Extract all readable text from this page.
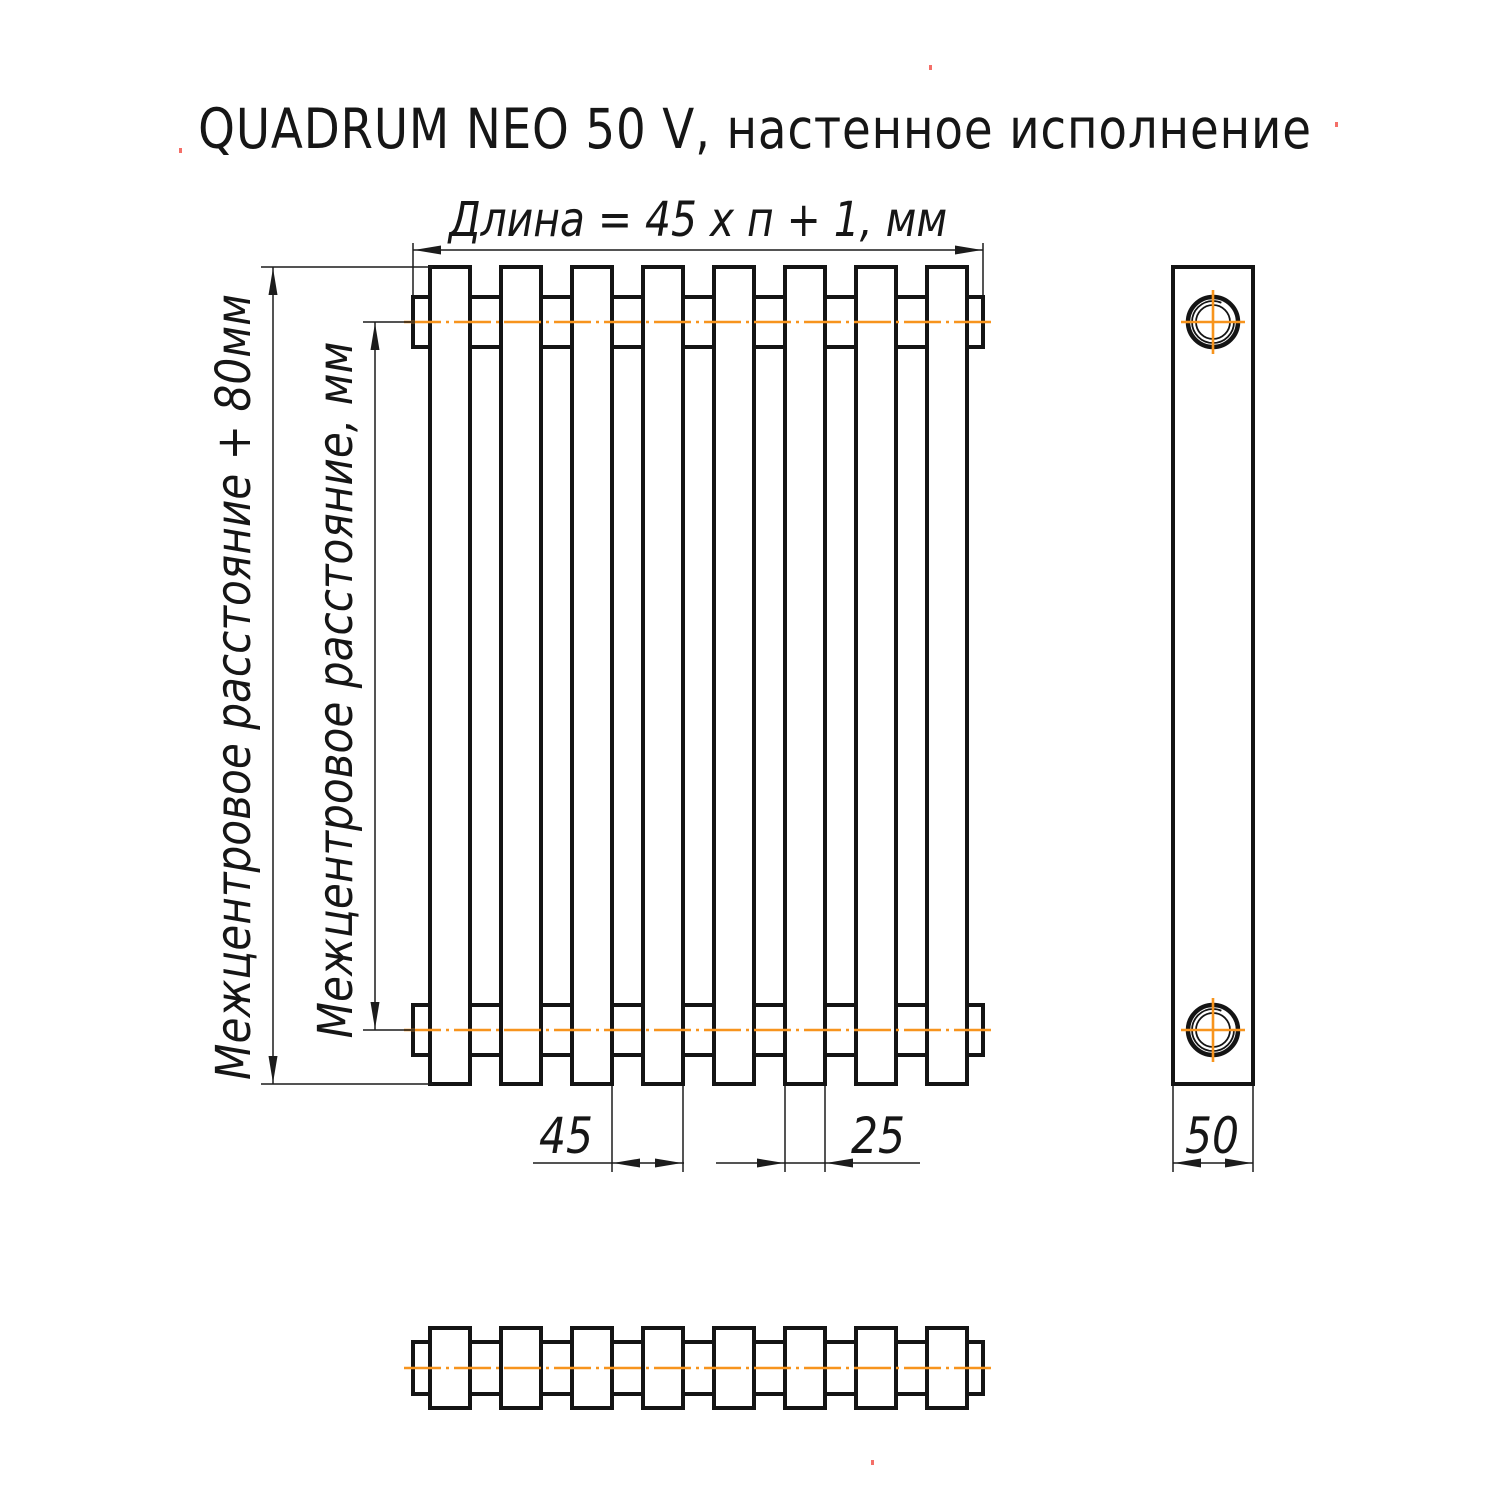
QUADRUM NEO 50 V, настенное исполнение
Длина = 45 х п + 1, мм
Межцентровое расстояние + 80мм Межцентровое расстояние, мм
45	25	50
